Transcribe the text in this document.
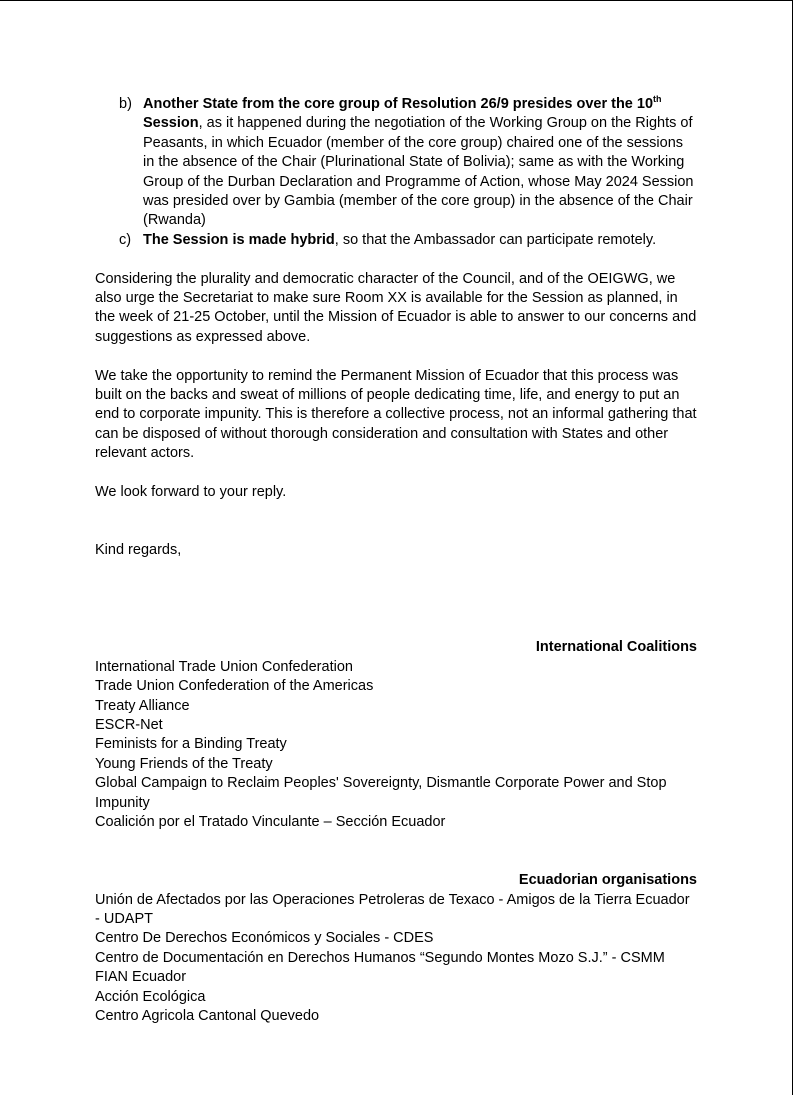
b) Another State from the core group of Resolution 26/9 presides over the 10th Session, as it happened during the negotiation of the Working Group on the Rights of Peasants, in which Ecuador (member of the core group) chaired one of the sessions in the absence of the Chair (Plurinational State of Bolivia); same as with the Working Group of the Durban Declaration and Programme of Action, whose May 2024 Session was presided over by Gambia (member of the core group) in the absence of the Chair (Rwanda)
c) The Session is made hybrid, so that the Ambassador can participate remotely.
Considering the plurality and democratic character of the Council, and of the OEIGWG, we also urge the Secretariat to make sure Room XX is available for the Session as planned, in the week of 21-25 October, until the Mission of Ecuador is able to answer to our concerns and suggestions as expressed above.
We take the opportunity to remind the Permanent Mission of Ecuador that this process was built on the backs and sweat of millions of people dedicating time, life, and energy to put an end to corporate impunity. This is therefore a collective process, not an informal gathering that can be disposed of without thorough consideration and consultation with States and other relevant actors.
We look forward to your reply.
Kind regards,
International Coalitions
International Trade Union Confederation
Trade Union Confederation of the Americas
Treaty Alliance
ESCR-Net
Feminists for a Binding Treaty
Young Friends of the Treaty
Global Campaign to Reclaim Peoples' Sovereignty, Dismantle Corporate Power and Stop Impunity
Coalición por el Tratado Vinculante – Sección Ecuador
Ecuadorian organisations
Unión de Afectados por las Operaciones Petroleras de Texaco - Amigos de la Tierra Ecuador - UDAPT
Centro De Derechos Económicos y Sociales - CDES
Centro de Documentación en Derechos Humanos “Segundo Montes Mozo S.J.” - CSMM
FIAN Ecuador
Acción Ecológica
Centro Agricola Cantonal Quevedo
